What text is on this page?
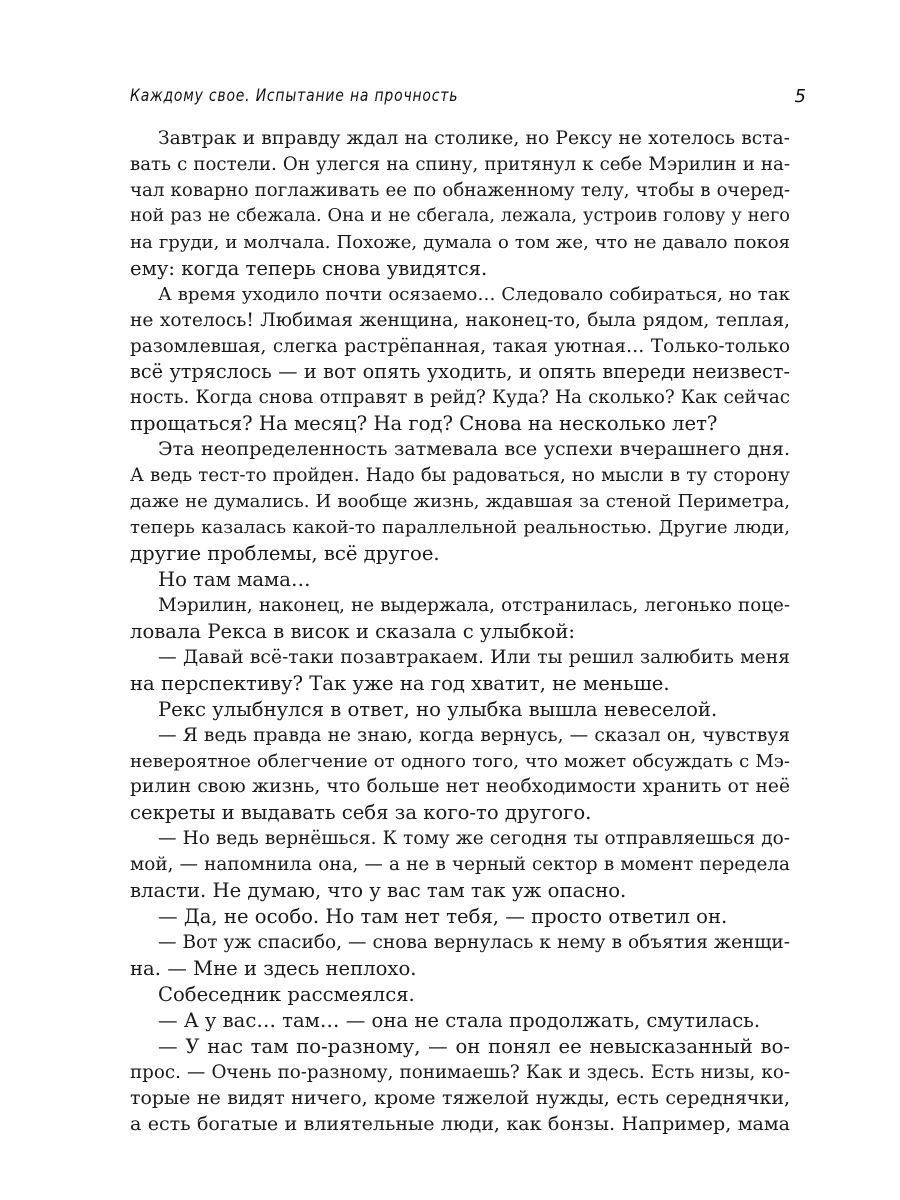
Каждому свое. Испытание на прочность	5
Завтрак и вправду ждал на столике, но Рексу не хотелось вста-
вать с постели. Он улегся на спину, притянул к себе Мэрилин и на-
чал коварно поглаживать ее по обнаженному телу, чтобы в очеред-
ной раз не сбежала. Она и не сбегала, лежала, устроив голову у него
на груди, и молчала. Похоже, думала о том же, что не давало покоя
ему: когда теперь снова увидятся.
А время уходило почти осязаемо… Следовало собираться, но так
не хотелось! Любимая женщина, наконец-то, была рядом, теплая,
разомлевшая, слегка растрёпанная, такая уютная… Только-только
всё утряслось — и вот опять уходить, и опять впереди неизвест-
ность. Когда снова отправят в рейд? Куда? На сколько? Как сейчас
прощаться? На месяц? На год? Снова на несколько лет?
Эта неопределенность затмевала все успехи вчерашнего дня.
А ведь тест-то пройден. Надо бы радоваться, но мысли в ту сторону
даже не думались. И вообще жизнь, ждавшая за стеной Периметра,
теперь казалась какой-то параллельной реальностью. Другие люди,
другие проблемы, всё другое.
Но там мама…
Мэрилин, наконец, не выдержала, отстранилась, легонько поце-
ловала Рекса в висок и сказала с улыбкой:
— Давай всё-таки позавтракаем. Или ты решил залюбить меня
на перспективу? Так уже на год хватит, не меньше.
Рекс улыбнулся в ответ, но улыбка вышла невеселой.
— Я ведь правда не знаю, когда вернусь, — сказал он, чувствуя
невероятное облегчение от одного того, что может обсуждать с Мэ-
рилин свою жизнь, что больше нет необходимости хранить от неё
секреты и выдавать себя за кого-то другого.
— Но ведь вернёшься. К тому же сегодня ты отправляешься до-
мой, — напомнила она, — а не в черный сектор в момент передела
власти. Не думаю, что у вас там так уж опасно.
— Да, не особо. Но там нет тебя, — просто ответил он.
— Вот уж спасибо, — снова вернулась к нему в объятия женщи-
на. — Мне и здесь неплохо.
Собеседник рассмеялся.
— А у вас… там… — она не стала продолжать, смутилась.
— У нас там по-разному, — он понял ее невысказанный во-
прос. — Очень по-разному, понимаешь? Как и здесь. Есть низы, ко-
торые не видят ничего, кроме тяжелой нужды, есть середнячки,
а есть богатые и влиятельные люди, как бонзы. Например, мама
